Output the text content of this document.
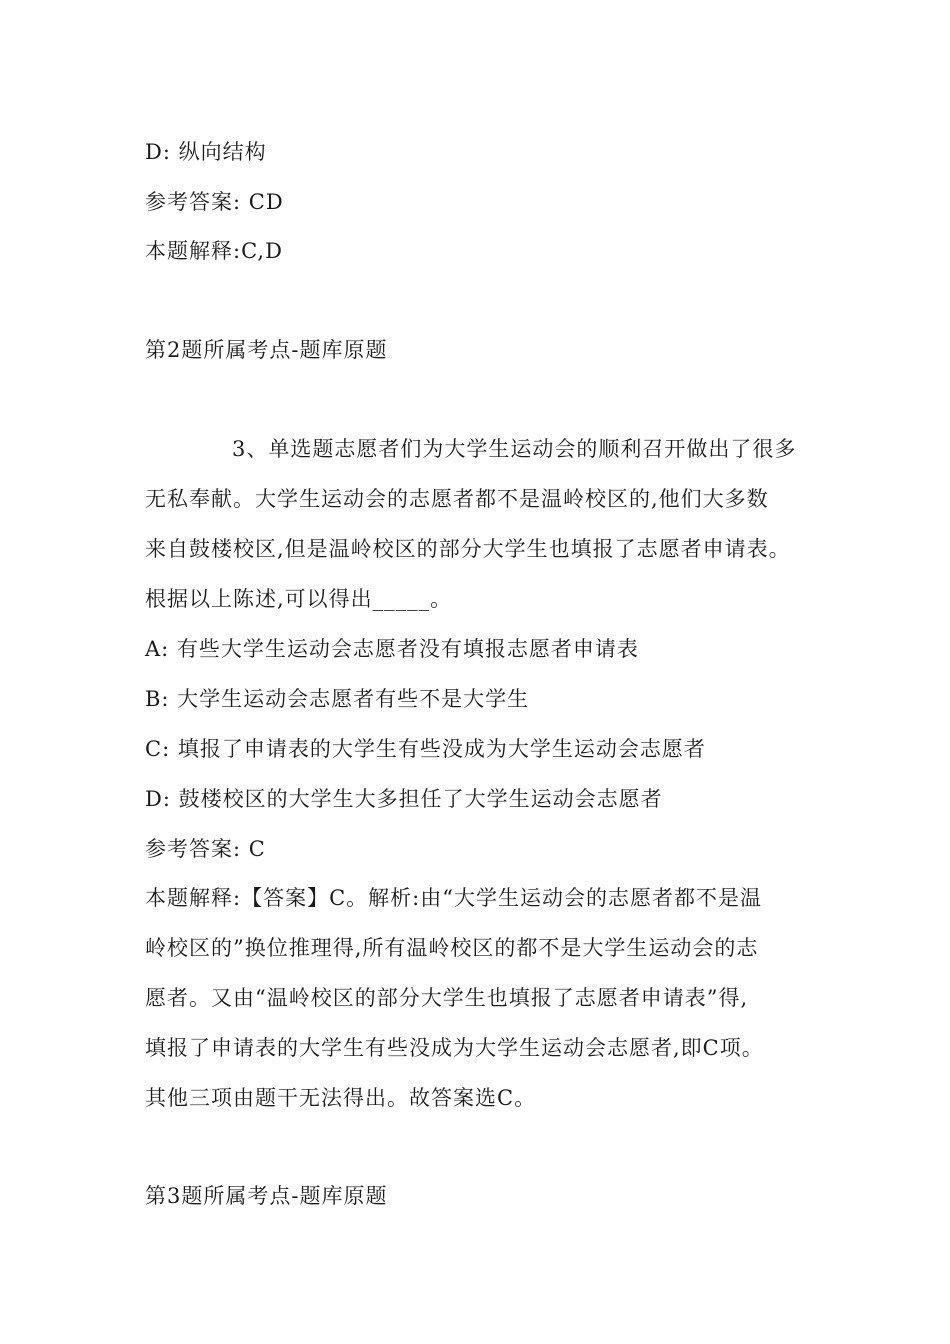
D: 纵向结构
参考答案: CD
本题解释:C,D
第2题所属考点-题库原题
3、单选题志愿者们为大学生运动会的顺利召开做出了很多
无私奉献。大学生运动会的志愿者都不是温岭校区的,他们大多数
来自鼓楼校区,但是温岭校区的部分大学生也填报了志愿者申请表。
根据以上陈述,可以得出_____。
A: 有些大学生运动会志愿者没有填报志愿者申请表
B: 大学生运动会志愿者有些不是大学生
C: 填报了申请表的大学生有些没成为大学生运动会志愿者
D: 鼓楼校区的大学生大多担任了大学生运动会志愿者
参考答案: C
本题解释:【答案】C。解析:由“大学生运动会的志愿者都不是温
岭校区的”换位推理得,所有温岭校区的都不是大学生运动会的志
愿者。又由“温岭校区的部分大学生也填报了志愿者申请表”得,
填报了申请表的大学生有些没成为大学生运动会志愿者,即C项。
其他三项由题干无法得出。故答案选C。
第3题所属考点-题库原题
